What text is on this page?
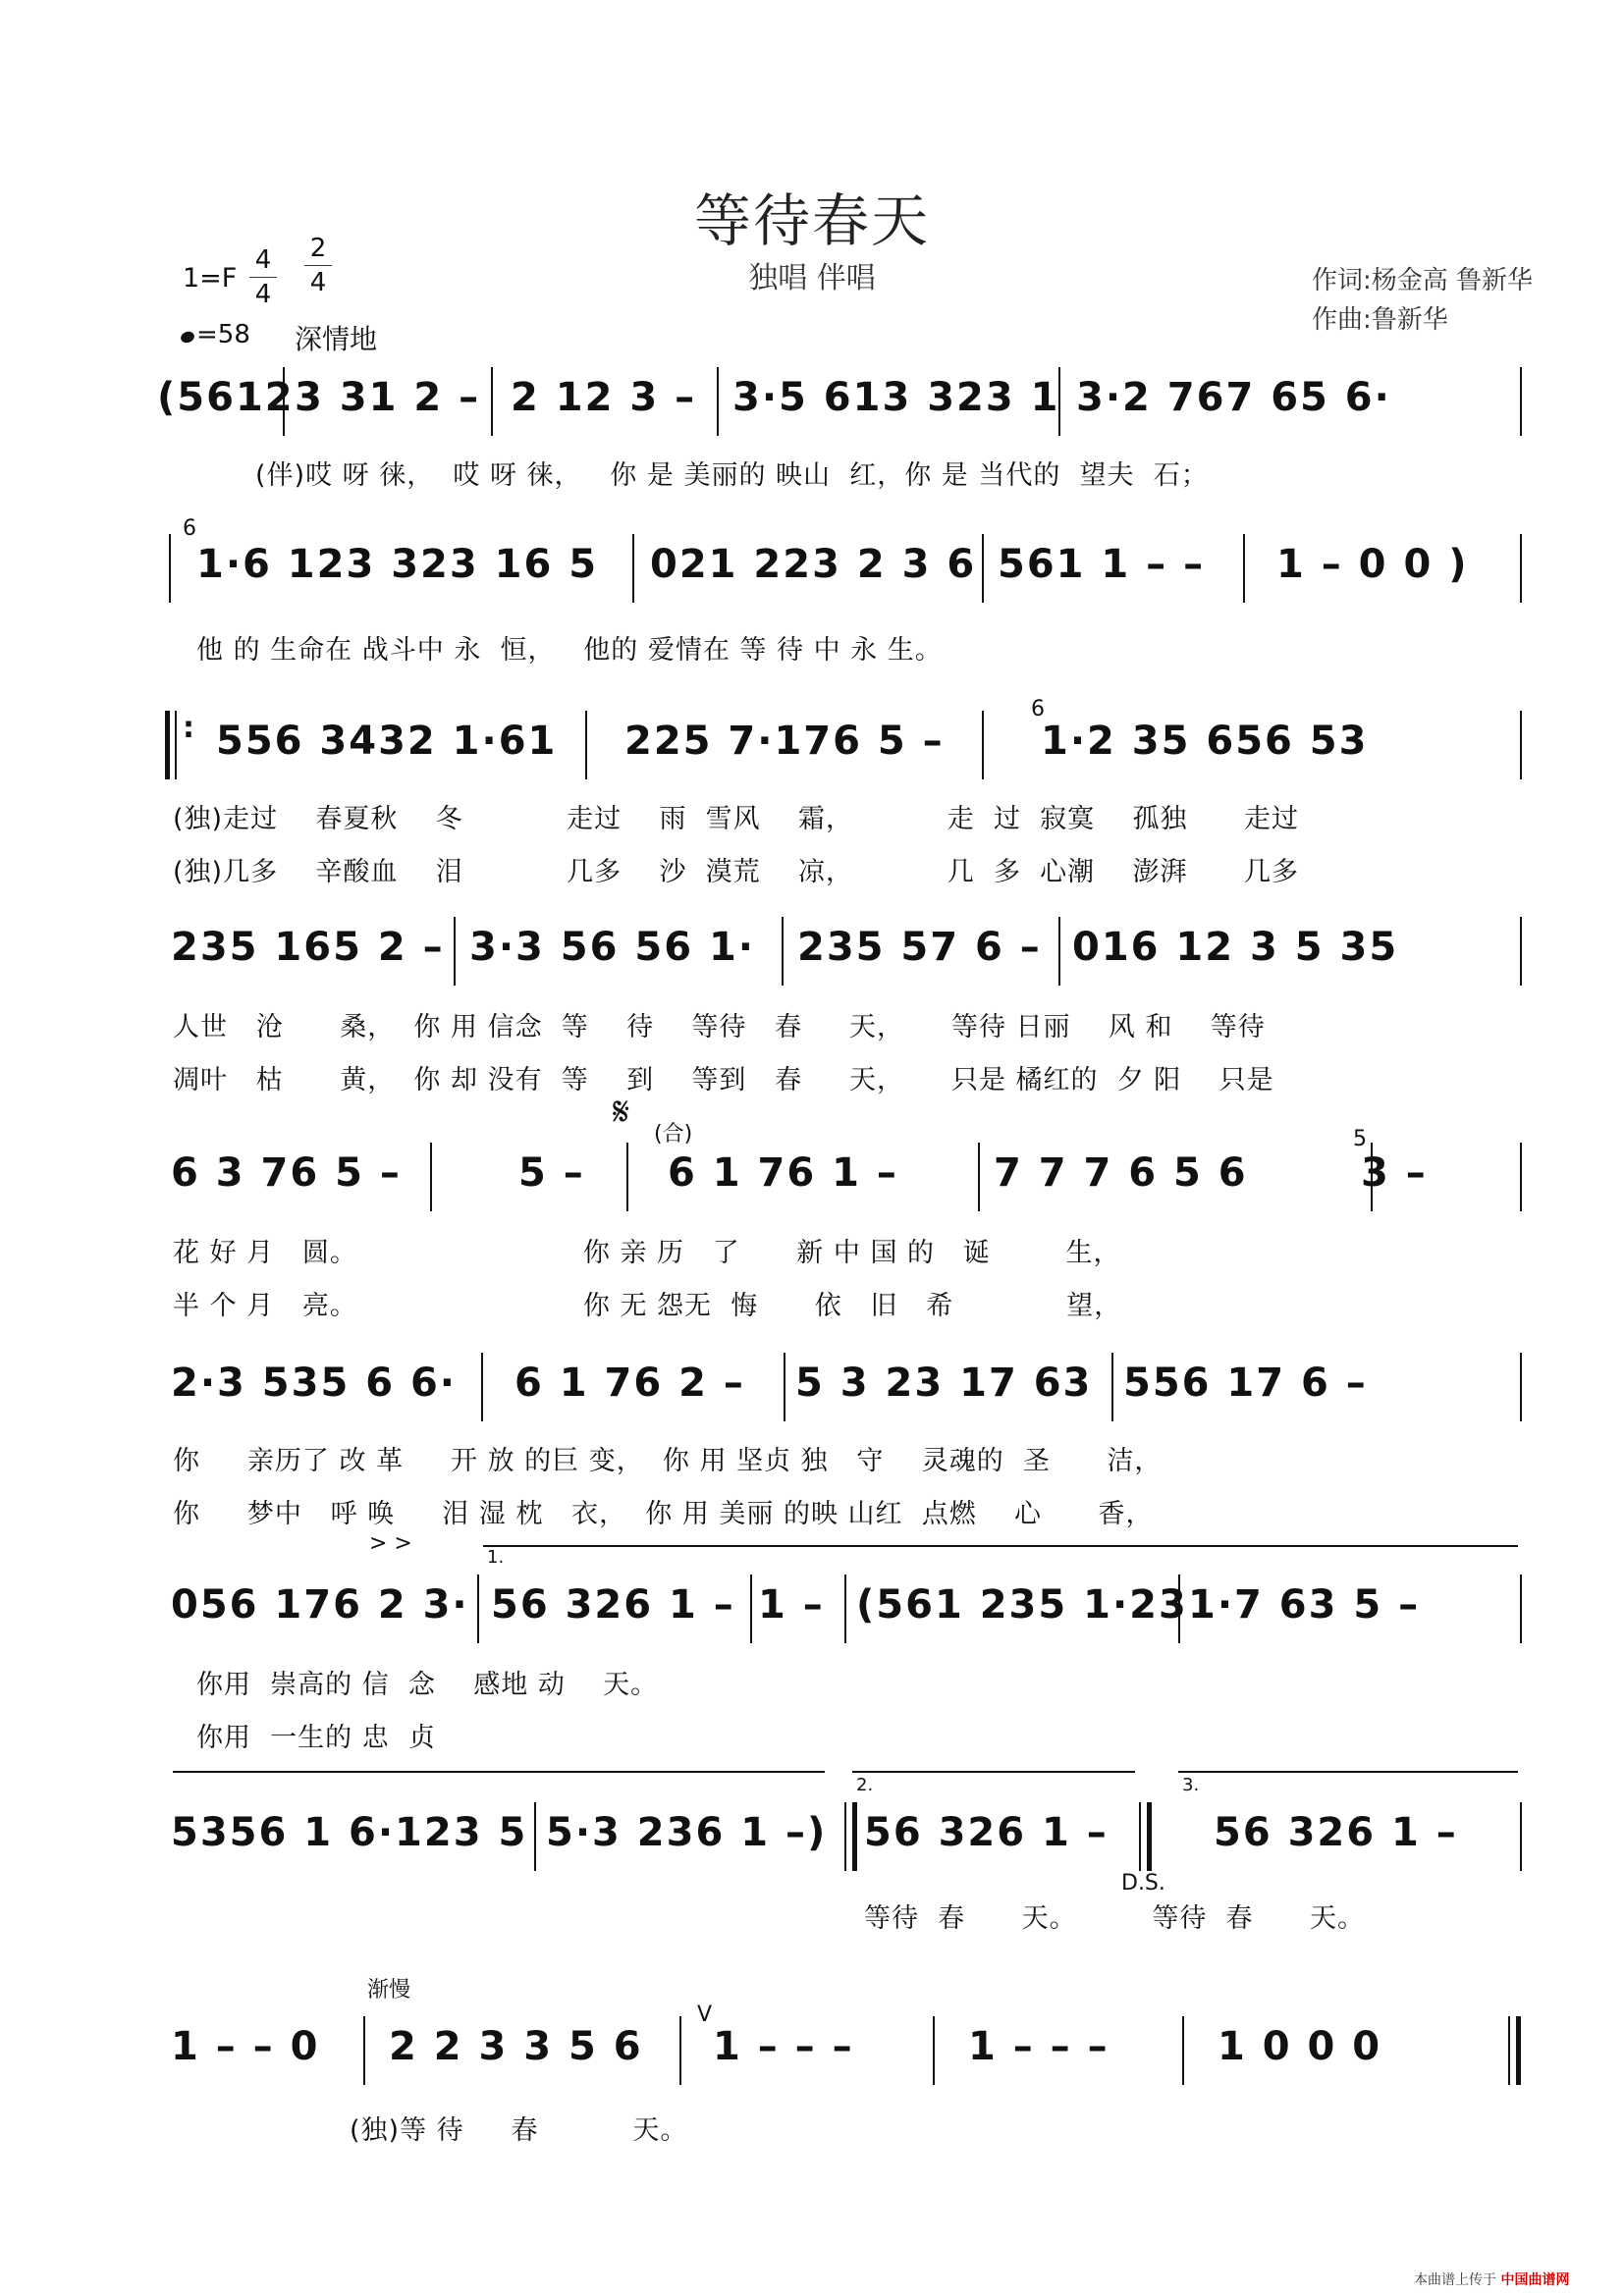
等待春天
独唱 伴唱	作词:杨金高 鲁新华
作曲:鲁新华
1=F
4
4
2
4
=58 深情地
(5612 3 31 2 – 2 12 3 – 3·5 613 323 1 3·2 767 65 6·
(伴)哎 呀 徕，  哎 呀 徕，   你 是 美丽的 映山  红，你 是 当代的  望夫  石；
6
1·6 123 323 16 5 021 223 2 3 6 561 1 – – 1 – 0 0 )
他 的 生命在 战斗中 永  恒，   他的 爱情在 等 待 中 永 生。
6
: 556 3432 1·61 225 7·176 5 – 1·2 35 656 53
(独)走过    春夏秋    冬           走过    雨  雪风    霜，          走  过  寂寞    孤独      走过
(独)几多    辛酸血    泪           几多    沙  漠荒    凉，          几  多  心潮    澎湃      几多
235 165 2 – 3·3 56 56 1· 235 57 6 – 016 12 3 5 35
人世   沧      桑，  你 用 信念  等    待    等待   春     天，     等待 日丽    风 和    等待
凋叶   枯      黄，  你 却 没有  等    到    等到   春     天，     只是 橘红的  夕 阳    只是
𝄋 (合)	5
6 3 76 5 –	5 – 6 1 76 1 – 7 7 7 6 5 6	3 –
花 好 月   圆。                        你 亲 历   了      新 中 国 的   诞        生，
半 个 月   亮。                        你 无 怨无  悔      依   旧   希            望，
2·3 535 6 6· 6 1 76 2 – 5 3 23 17 63 556 17 6 –
你     亲历了 改 革     开 放 的巨 变，  你 用 坚贞 独   守    灵魂的  圣      洁，
你     梦中   呼 唤     泪 湿 枕   衣，  你 用 美丽 的映 山红  点燃    心      香，
> >
1.
056 176 2 3· 56 326 1 – 1 – (561 235 1·23 1·7 63 5 –
你用  崇高的 信  念    感地 动    天。
你用  一生的 忠  贞
2.	3.
5356 1 6·123 5 5·3 236 1 –) 56 326 1 –	56 326 1 –
D.S.
等待  春      天。        等待  春      天。
渐慢
V
1 – – 0 2 2 3 3 5 6 1 – – –	1 – – –	1 0 0 0
(独)等 待     春          天。
本曲谱上传于 中国曲谱网
